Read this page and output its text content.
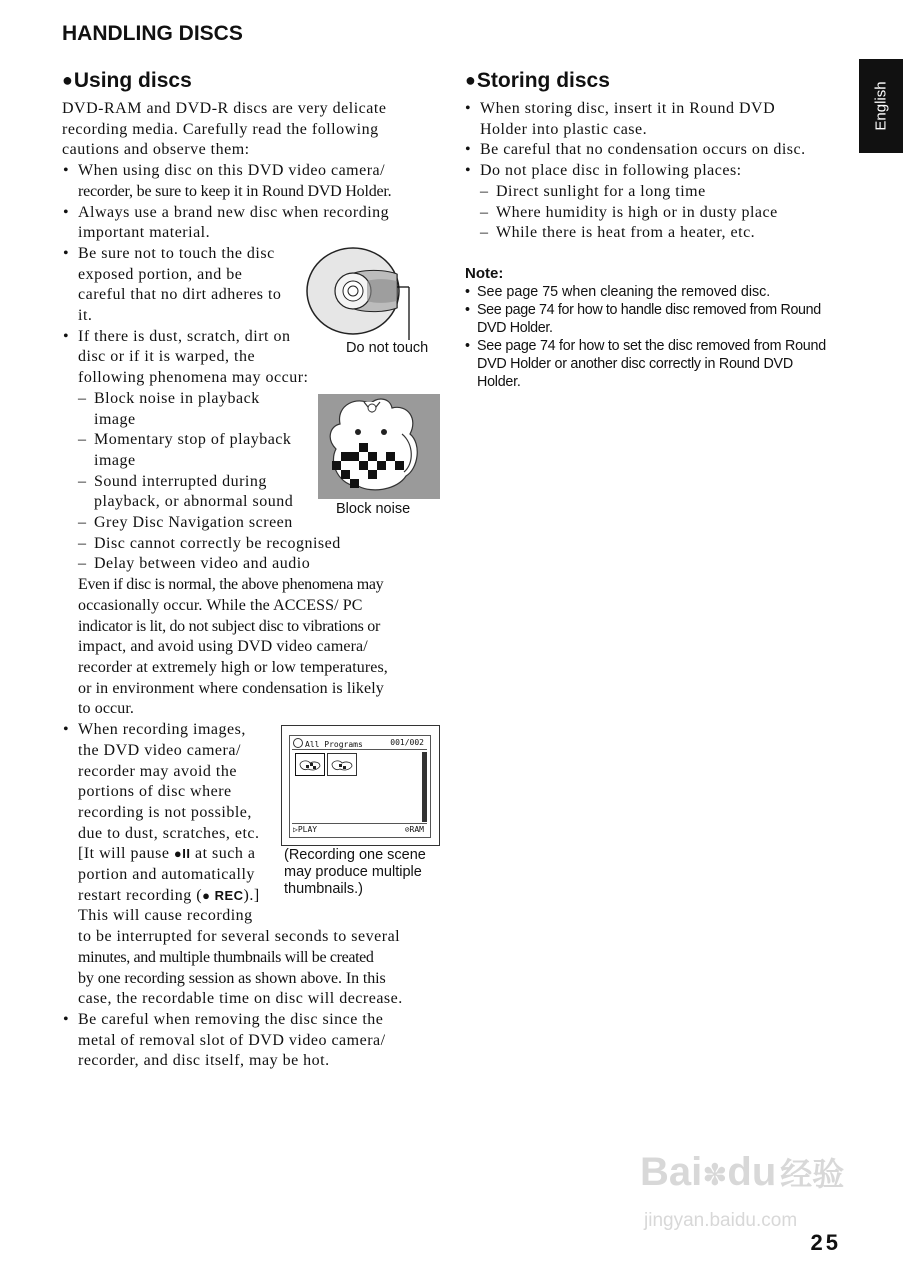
HANDLING DISCS
English
●Using discs
DVD-RAM and DVD-R discs are very delicate
recording media. Carefully read the following
cautions and observe them:
• When using disc on this DVD video camera/
recorder, be sure to keep it in Round DVD Holder.
• Always use a brand new disc when recording
important material.
• Be sure not to touch the disc
exposed portion, and be
careful that no dirt adheres to
it.
• If there is dust, scratch, dirt on
disc or if it is warped, the
following phenomena may occur:
– Block noise in playback
image
– Momentary stop of playback
image
– Sound interrupted during
playback, or abnormal sound
– Grey Disc Navigation screen
– Disc cannot correctly be recognised
– Delay between video and audio
Even if disc is normal, the above phenomena may
occasionally occur. While the ACCESS/ PC
indicator is lit, do not subject disc to vibrations or
impact, and avoid using DVD video camera/
recorder at extremely high or low temperatures,
or in environment where condensation is likely
to occur.
• When recording images,
the DVD video camera/
recorder may avoid the
portions of disc where
recording is not possible,
due to dust, scratches, etc.
[It will pause ●II at such a
portion and automatically
restart recording (● REC).]
This will cause recording
to be interrupted for several seconds to several
minutes, and multiple thumbnails will be created
by one recording session as shown above. In this
case, the recordable time on disc will decrease.
• Be careful when removing the disc since the
metal of removal slot of DVD video camera/
recorder, and disc itself, may be hot.
Do not touch
Block noise
All Programs	001/002
▷PLAY	⊘RAM
(Recording one scene
may produce multiple
thumbnails.)
●Storing discs
• When storing disc, insert it in Round DVD
Holder into plastic case.
• Be careful that no condensation occurs on disc.
• Do not place disc in following places:
– Direct sunlight for a long time
– Where humidity is high or in dusty place
– While there is heat from a heater, etc.
Note:
• See page 75 when cleaning the removed disc.
• See page 74 for how to handle disc removed from Round
DVD Holder.
• See page 74 for how to set the disc removed from Round
DVD Holder or another disc correctly in Round DVD
Holder.
Bai✽du 经验
jingyan.baidu.com
25
